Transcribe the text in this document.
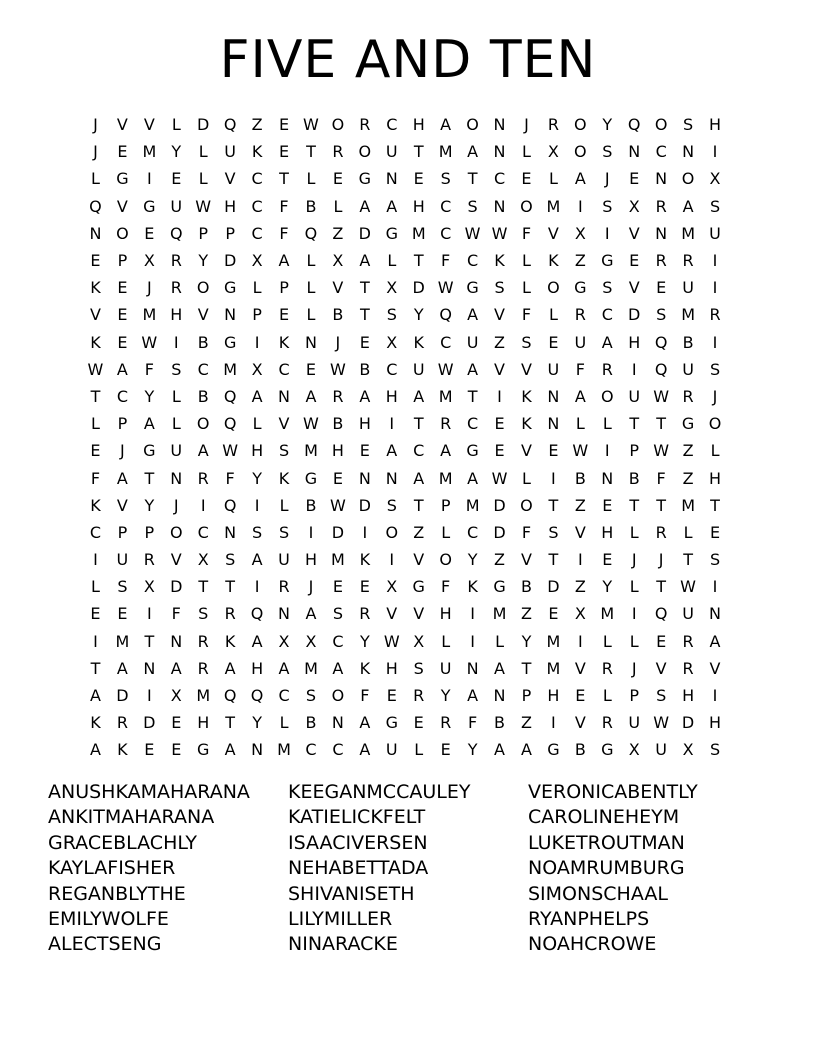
FIVE AND TEN
J	V V	L	D Q Z	E W O R C H A O N	J	R O Y Q O S H
J	E M Y	L	U K	E	T	R O U	T M A N	L	X O S N C N	I
L	G	I	E	L	V C	T	L	E G N E	S	T	C	E	L	A	J	E N O X
Q V G U W H C	F	B	L	A A H C	S N O M	I	S	X R A	S
N O E Q P	P	C	F	Q Z D G M C W W F	V X	I	V N M U
E	P	X R	Y D X A	L	X A	L	T	F	C	K	L	K	Z G E	R R	I
K	E	J	R O G	L	P	L	V	T	X D W G S	L	O G S	V	E	U	I
V	E M H V N	P	E	L	B	T	S	Y Q A V	F	L	R C D S M R
K	E W	I	B G	I	K N	J	E	X	K	C U Z	S	E	U A H Q B	I
W A	F	S	C M X C	E W B C U W A V V U	F	R	I	Q U	S
T	C	Y	L	B Q A N A R A H A M T	I	K N A O U W R	J
L	P	A	L	O Q	L	V W B H	I	T	R C	E	K N	L	L	T	T G O
E	J	G U A W H S M H E	A C A G E	V	E W	I	P W Z	L
F	A	T	N R	F	Y	K G E N N A M A W L	I	B N B	F	Z H
K	V	Y	J	I	Q	I	L	B W D S	T	P M D O T	Z	E	T	T M T
C	P	P O C N S	S	I	D	I	O Z	L	C D	F	S	V H	L	R	L	E
I	U R V X	S	A U H M K	I	V O Y	Z V	T	I	E	J	J	T	S
L	S	X D T	T	I	R	J	E	E	X G	F	K G B D Z	Y	L	T W	I
E	E	I	F	S	R Q N A	S	R V V H	I	M Z	E	X M	I	Q U N
I	M T	N R	K	A X X C	Y W X	L	I	L	Y M	I	L	L	E	R A
T	A N A R A H A M A	K H S	U N A	T M V R	J	V R V
A D	I	X M Q Q C	S O	F	E	R	Y	A N	P	H E	L	P	S H	I
K	R D E H	T	Y	L	B N A G E	R	F	B Z	I	V R U W D H
A	K	E	E G A N M C C A U	L	E	Y	A A G B G X U X	S
ANUSHKAMAHARANA
ANKITMAHARANA
GRACEBLACHLY
KAYLAFISHER
REGANBLYTHE
EMILYWOLFE
ALECTSENG
KEEGANMCCAULEY
KATIELICKFELT
ISAACIVERSEN
NEHABETTADA
SHIVANISETH
LILYMILLER
NINARACKE
VERONICABENTLY
CAROLINEHEYM
LUKETROUTMAN
NOAMRUMBURG
SIMONSCHAAL
RYANPHELPS
NOAHCROWE
